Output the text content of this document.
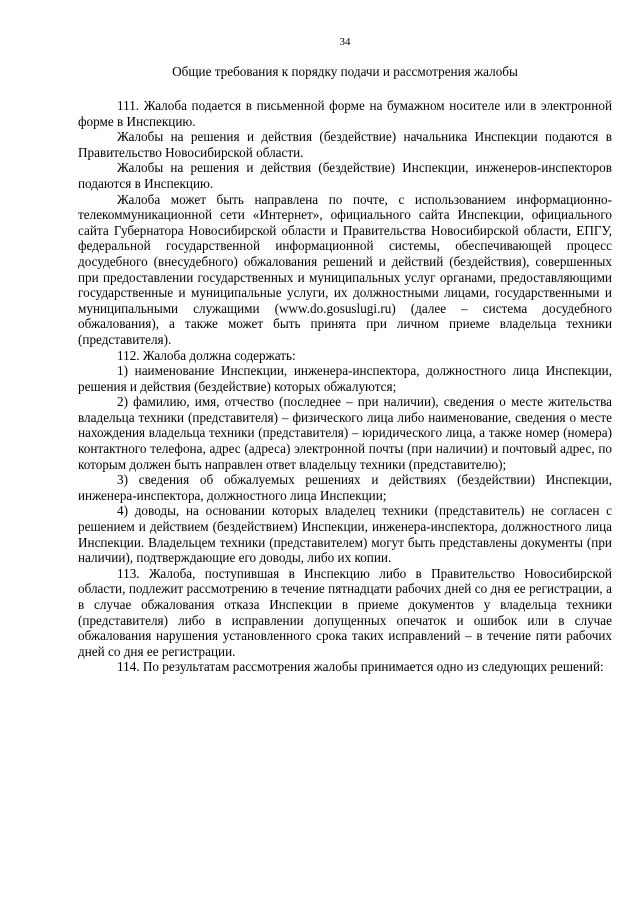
34
Общие требования к порядку подачи и рассмотрения жалобы

111. Жалоба подается в письменной форме на бумажном носителе или в электронной форме в Инспекцию.

Жалобы на решения и действия (бездействие) начальника Инспекции подаются в Правительство Новосибирской области.

Жалобы на решения и действия (бездействие) Инспекции, инженеров-инспекторов подаются в Инспекцию.

Жалоба может быть направлена по почте, с использованием информационно-телекоммуникационной сети «Интернет», официального сайта Инспекции, официального сайта Губернатора Новосибирской области и Правительства Новосибирской области, ЕПГУ, федеральной государственной информационной системы, обеспечивающей процесс досудебного (внесудебного) обжалования решений и действий (бездействия), совершенных при предоставлении государственных и муниципальных услуг органами, предоставляющими государственные и муниципальные услуги, их должностными лицами, государственными и муниципальными служащими (www.do.gosuslugi.ru) (далее – система досудебного обжалования), а также может быть принята при личном приеме владельца техники (представителя).

112. Жалоба должна содержать:

1) наименование Инспекции, инженера-инспектора, должностного лица Инспекции, решения и действия (бездействие) которых обжалуются;

2) фамилию, имя, отчество (последнее – при наличии), сведения о месте жительства владельца техники (представителя) – физического лица либо наименование, сведения о месте нахождения владельца техники (представителя) – юридического лица, а также номер (номера) контактного телефона, адрес (адреса) электронной почты (при наличии) и почтовый адрес, по которым должен быть направлен ответ владельцу техники (представителю);

3) сведения об обжалуемых решениях и действиях (бездействии) Инспекции, инженера-инспектора, должностного лица Инспекции;

4) доводы, на основании которых владелец техники (представитель) не согласен с решением и действием (бездействием) Инспекции, инженера-инспектора, должностного лица Инспекции. Владельцем техники (представителем) могут быть представлены документы (при наличии), подтверждающие его доводы, либо их копии.

113. Жалоба, поступившая в Инспекцию либо в Правительство Новосибирской области, подлежит рассмотрению в течение пятнадцати рабочих дней со дня ее регистрации, а в случае обжалования отказа Инспекции в приеме документов у владельца техники (представителя) либо в исправлении допущенных опечаток и ошибок или в случае обжалования нарушения установленного срока таких исправлений – в течение пяти рабочих дней со дня ее регистрации.

114. По результатам рассмотрения жалобы принимается одно из следующих решений:
